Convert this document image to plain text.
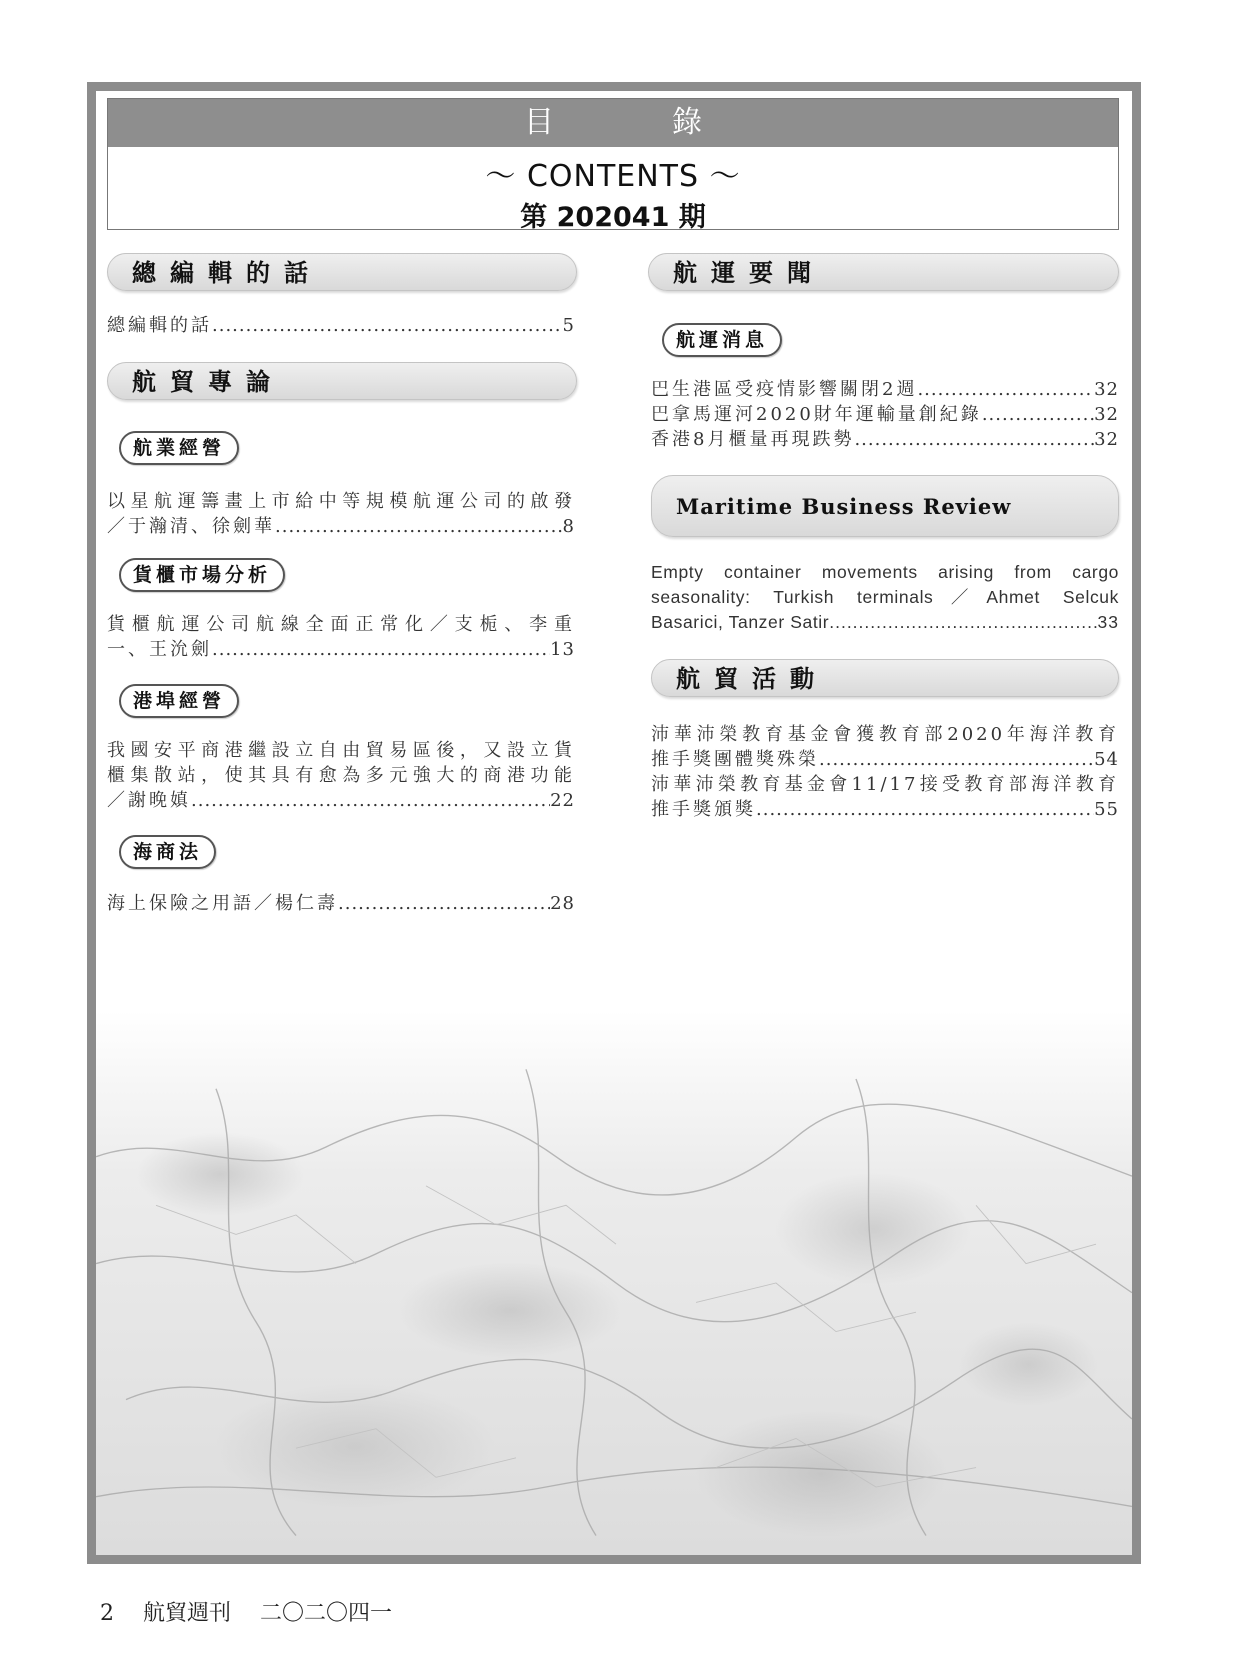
目　錄
～ CONTENTS ～
第 202041 期
總編輯的話
總編輯的話 .....	5
航貿專論
航業經營
以星航運籌畫上市給中等規模航運公司的啟發
／于瀚清、徐劍華 .....	8
貨櫃市場分析
貨櫃航運公司航線全面正常化／支栀、李重
一、王沇劍 .....	13
港埠經營
我國安平商港繼設立自由貿易區後，又設立貨
櫃集散站，使其具有愈為多元強大的商港功能
／謝晚嫃 .....	22
海商法
海上保險之用語／楊仁壽 .....	28
航運要聞
航運消息
巴生港區受疫情影響關閉2週 .....	32
巴拿馬運河2020財年運輸量創紀錄 .....	32
香港8月櫃量再現跌勢 .....	32
Maritime Business Review
Empty container movements arising from cargo
seasonality: Turkish terminals／Ahmet Selcuk
Basarici, Tanzer Satir .....	33
航貿活動
沛華沛榮教育基金會獲教育部2020年海洋教育
推手獎團體獎殊榮 .....	54
沛華沛榮教育基金會11/17接受教育部海洋教育
推手獎頒獎 .....	55
2 航貿週刊 二〇二〇四一
